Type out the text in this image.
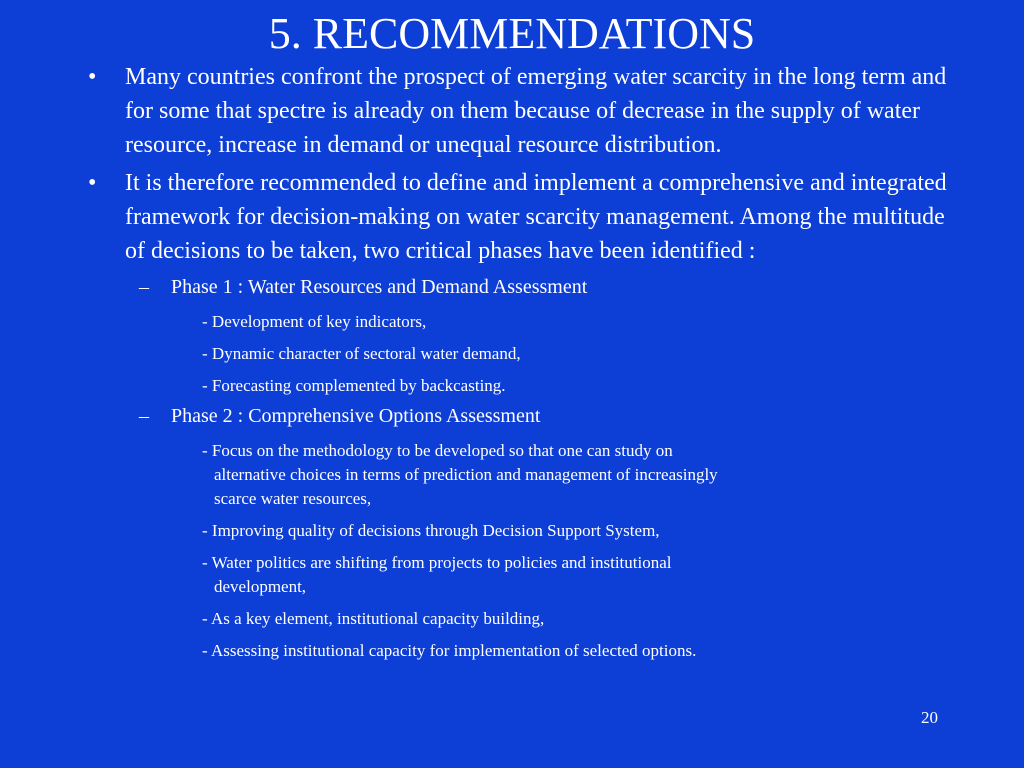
5. RECOMMENDATIONS
• Many countries confront the prospect of emerging water scarcity in the long term and for some that spectre is already on them because of decrease in the supply of water resource, increase in demand or unequal resource distribution.
• It is therefore recommended to define and implement a comprehensive and integrated framework for decision-making on water scarcity management. Among the multitude of decisions to be taken, two critical phases have been identified :
– Phase 1 : Water Resources and Demand Assessment
- Development of key indicators,
- Dynamic character of sectoral water demand,
- Forecasting complemented by backcasting.
– Phase 2 : Comprehensive Options Assessment
- Focus on the methodology to be developed so that one can study on
alternative choices in terms of prediction and management of increasingly
scarce water resources,
- Improving quality of decisions through Decision Support System,
- Water politics are shifting from projects to policies and institutional
development,
- As a key element, institutional capacity building,
- Assessing institutional capacity for implementation of selected options.
20
